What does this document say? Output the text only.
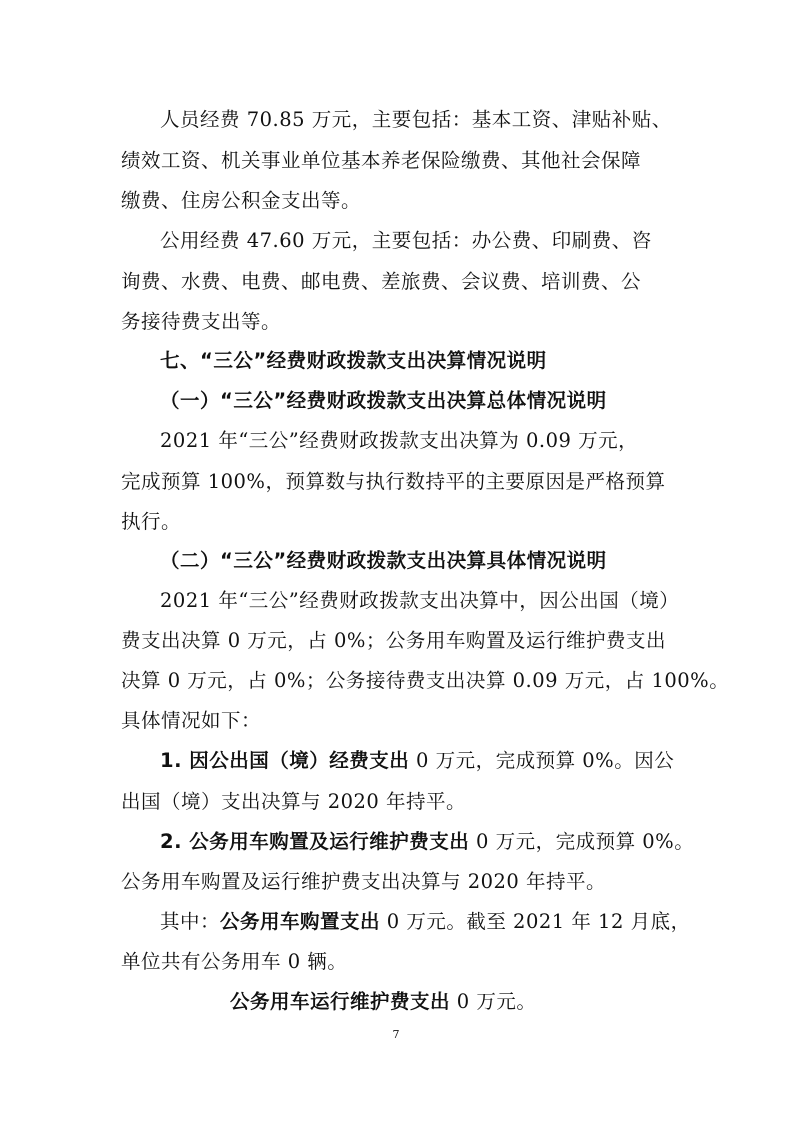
人员经费 70.85 万元，主要包括：基本工资、津贴补贴、
绩效工资、机关事业单位基本养老保险缴费、其他社会保障
缴费、住房公积金支出等。
公用经费 47.60 万元，主要包括：办公费、印刷费、咨
询费、水费、电费、邮电费、差旅费、会议费、培训费、公
务接待费支出等。
七、“三公”经费财政拨款支出决算情况说明
（一）“三公”经费财政拨款支出决算总体情况说明
2021 年“三公”经费财政拨款支出决算为 0.09 万元，
完成预算 100%，预算数与执行数持平的主要原因是严格预算
执行。
（二）“三公”经费财政拨款支出决算具体情况说明
2021 年“三公”经费财政拨款支出决算中，因公出国（境）
费支出决算 0 万元，占 0%；公务用车购置及运行维护费支出
决算 0 万元，占 0%；公务接待费支出决算 0.09 万元，占 100%。
具体情况如下：
1. 因公出国（境）经费支出 0 万元，完成预算 0%。因公
出国（境）支出决算与 2020 年持平。
2. 公务用车购置及运行维护费支出 0 万元，完成预算 0%。
公务用车购置及运行维护费支出决算与 2020 年持平。
其中：公务用车购置支出 0 万元。截至 2021 年 12 月底，
单位共有公务用车 0 辆。
公务用车运行维护费支出 0 万元。
7
